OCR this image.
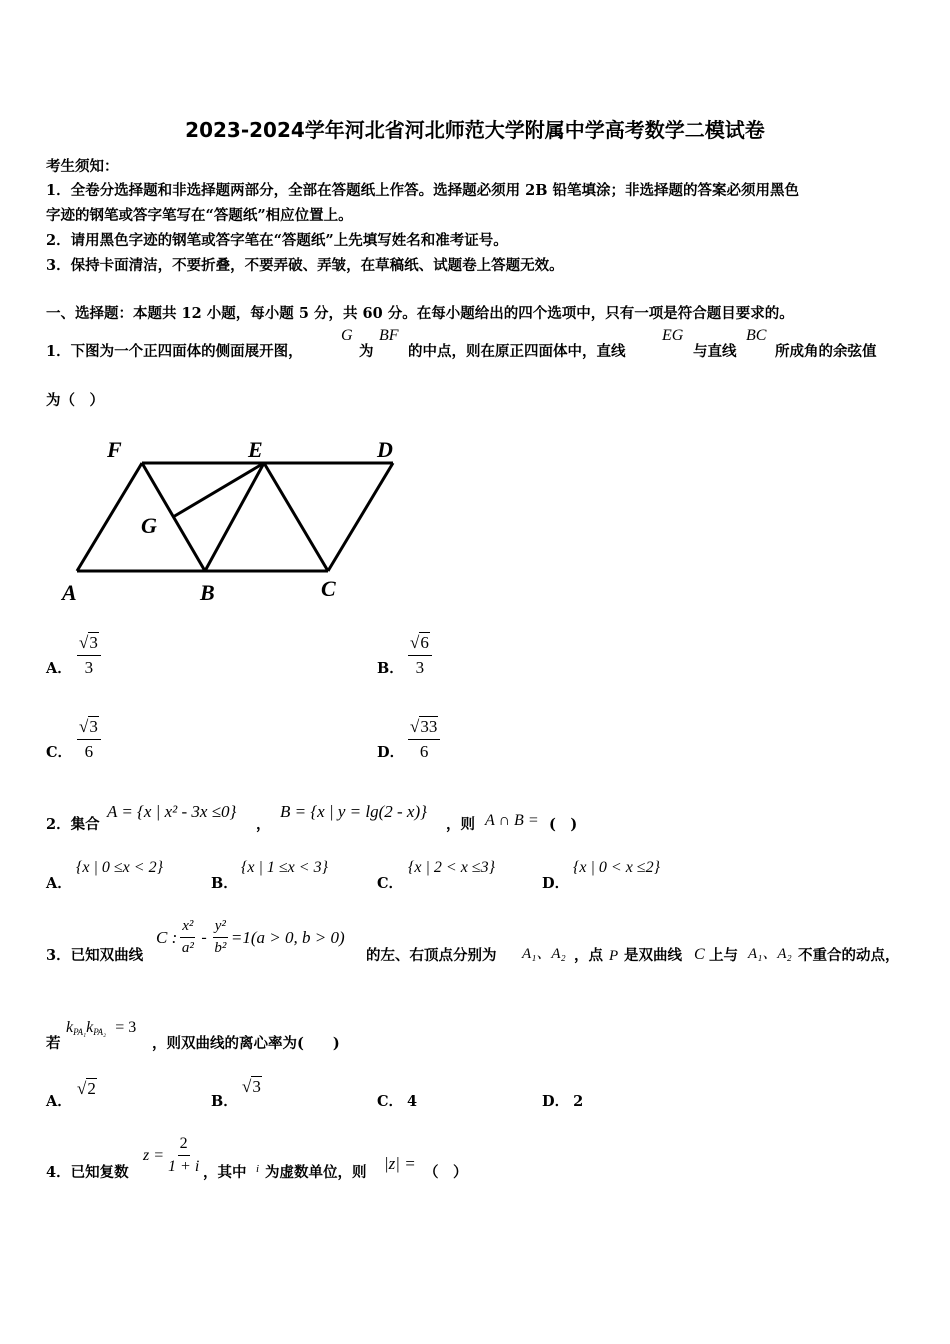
2023-2024学年河北省河北师范大学附属中学高考数学二模试卷
考生须知：
1．全卷分选择题和非选择题两部分，全部在答题纸上作答。选择题必须用 2B 铅笔填涂；非选择题的答案必须用黑色
字迹的钢笔或答字笔写在“答题纸”相应位置上。
2．请用黑色字迹的钢笔或答字笔在“答题纸”上先填写姓名和准考证号。
3．保持卡面清洁，不要折叠，不要弄破、弄皱，在草稿纸、试题卷上答题无效。
一、选择题：本题共 12 小题，每小题 5 分，共 60 分。在每小题给出的四个选项中，只有一项是符合题目要求的。
1．下图为一个正四面体的侧面展开图，
G
为
BF
的中点，则在原正四面体中，直线
EG
与直线
BC
所成角的余弦值
为（　）
F	E	D
G
A	B	C
A． $\frac{√3}{3}$	B． $\frac{√6}{3}$
C． $\frac{√3}{6}$	D． $\frac{√33}{6}$
2．集合
A = {x | x² - 3x ≤0}
，
B = {x | y = lg(2 - x)}
，则 A ∩ B = (　)
A．
{x | 0 ≤x < 2}
B．
{x | 1 ≤x < 3}
C．
{x | 2 < x ≤3}
D．
{x | 0 < x ≤2}
3．已知双曲线
C : $\frac{\text{x²}}{\text{a²}} - \frac{\text{y²}}{\text{b²}} =1(a > 0$, b > 0)
的左、右顶点分别为 A₁、A₂ ，点 P 是双曲线 C 上与 A₁、A₂ 不重合的动点，
若
$k_{PA_1}k_{PA_2} = 3$
，则双曲线的离心率为(　　)
A．
√2
B．
√3
C． 4	D． 2
4．已知复数
$z = \frac{2}{1 + i}$ ，其中 i 为虚数单位，则 |z| = （　）
